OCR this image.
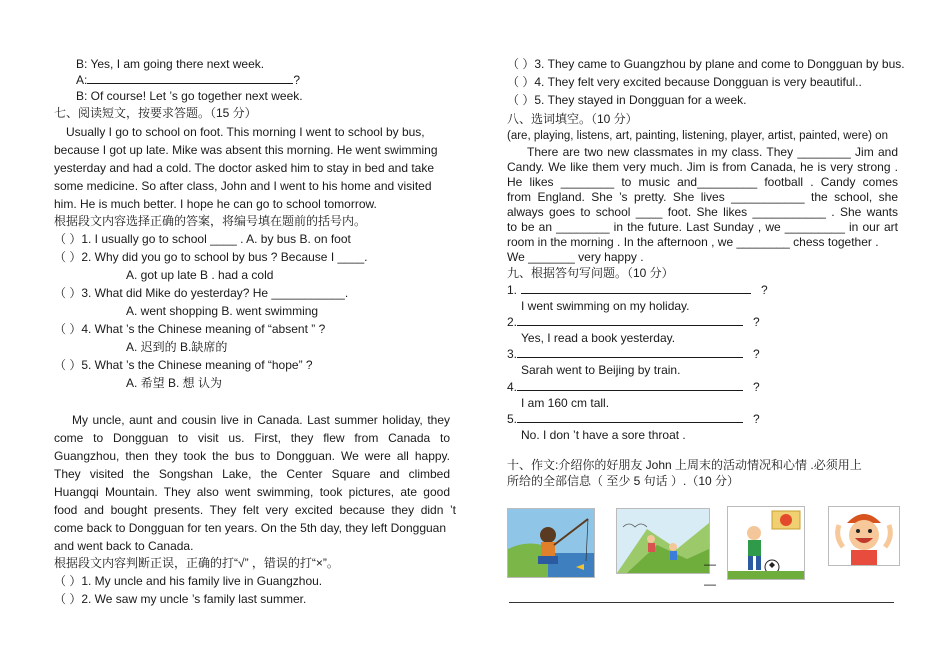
B: Yes, I am going there next week.
A:	?
B: Of course! Let ’s go together next week.
七、阅读短文，按要求答题。（15 分）
Usually I go to school on foot. This morning I went to school by bus,
because I got up late. Mike was absent this morning. He went swimming
yesterday and had a cold. The doctor asked him to stay in bed and take
some medicine. So after class, John and I went to his home and visited
him. He is much better. I hope he can go to school tomorrow.
根据段文内容选择正确的答案，将编号填在题前的括号内。
（ ）1. I usually go to school ____ . A. by bus B. on foot
（ ）2. Why did you go to school by bus ? Because I ____.
A. got up late B . had a cold
（ ）3. What did Mike do yesterday? He ___________.
A. went shopping B. went swimming
（ ）4. What ’s the Chinese meaning of “absent ” ?
A. 迟到的 B.缺席的
（ ）5. What ’s the Chinese meaning of “hope” ?
A. 希望 B. 想 认为
My uncle, aunt and cousin live in Canada. Last summer holiday, they
come to Dongguan to visit us. First, they flew from Canada to
Guangzhou, then they took the bus to Dongguan. We were all happy.
They visited the Songshan Lake, the Center Square and climbed
Huangqi Mountain. They also went swimming, took pictures, ate good
food and bought presents. They felt very excited because they didn ’t
come back to Dongguan for ten years. On the 5th day, they left Dongguan
and went back to Canada.
根据段文内容判断正误，正确的打“√” ，错误的打“×”。
（ ）1. My uncle and his family live in Guangzhou.
（ ）2. We saw my uncle ’s family last summer.
（ ）3. They came to Guangzhou by plane and come to Dongguan by bus.
（ ）4. They felt very excited because Dongguan is very beautiful..
（ ）5. They stayed in Dongguan for a week.
八、选词填空。（10 分）
(are, playing, listens, art, painting, listening, player, artist, painted, were) on
There are two new classmates in my class. They ________ Jim and
Candy. We like them very much. Jim is from Canada, he is very strong .
He likes ________ to music and_________ football . Candy comes
from England. She ’s pretty. She lives ___________ the school, she
always goes to school ____ foot. She likes ___________ . She wants
to be an ________ in the future. Last Sunday , we _________ in our art
room in the morning . In the afternoon , we ________ chess together .
We _______ very happy .
九、根据答句写问题。（10 分）
1.	?
I went swimming on my holiday.
2.	?
Yes, I read a book yesterday.
3.	?
Sarah went to Beijing by train.
4.	?
I am 160 cm tall.
5.	?
No. I don ’t have a sore throat .
十、作文:介绍你的好朋友 John 上周末的活动情况和心情 .必须用上
所给的全部信息（ 至少 5 句话 ）.（10 分）
—
—
